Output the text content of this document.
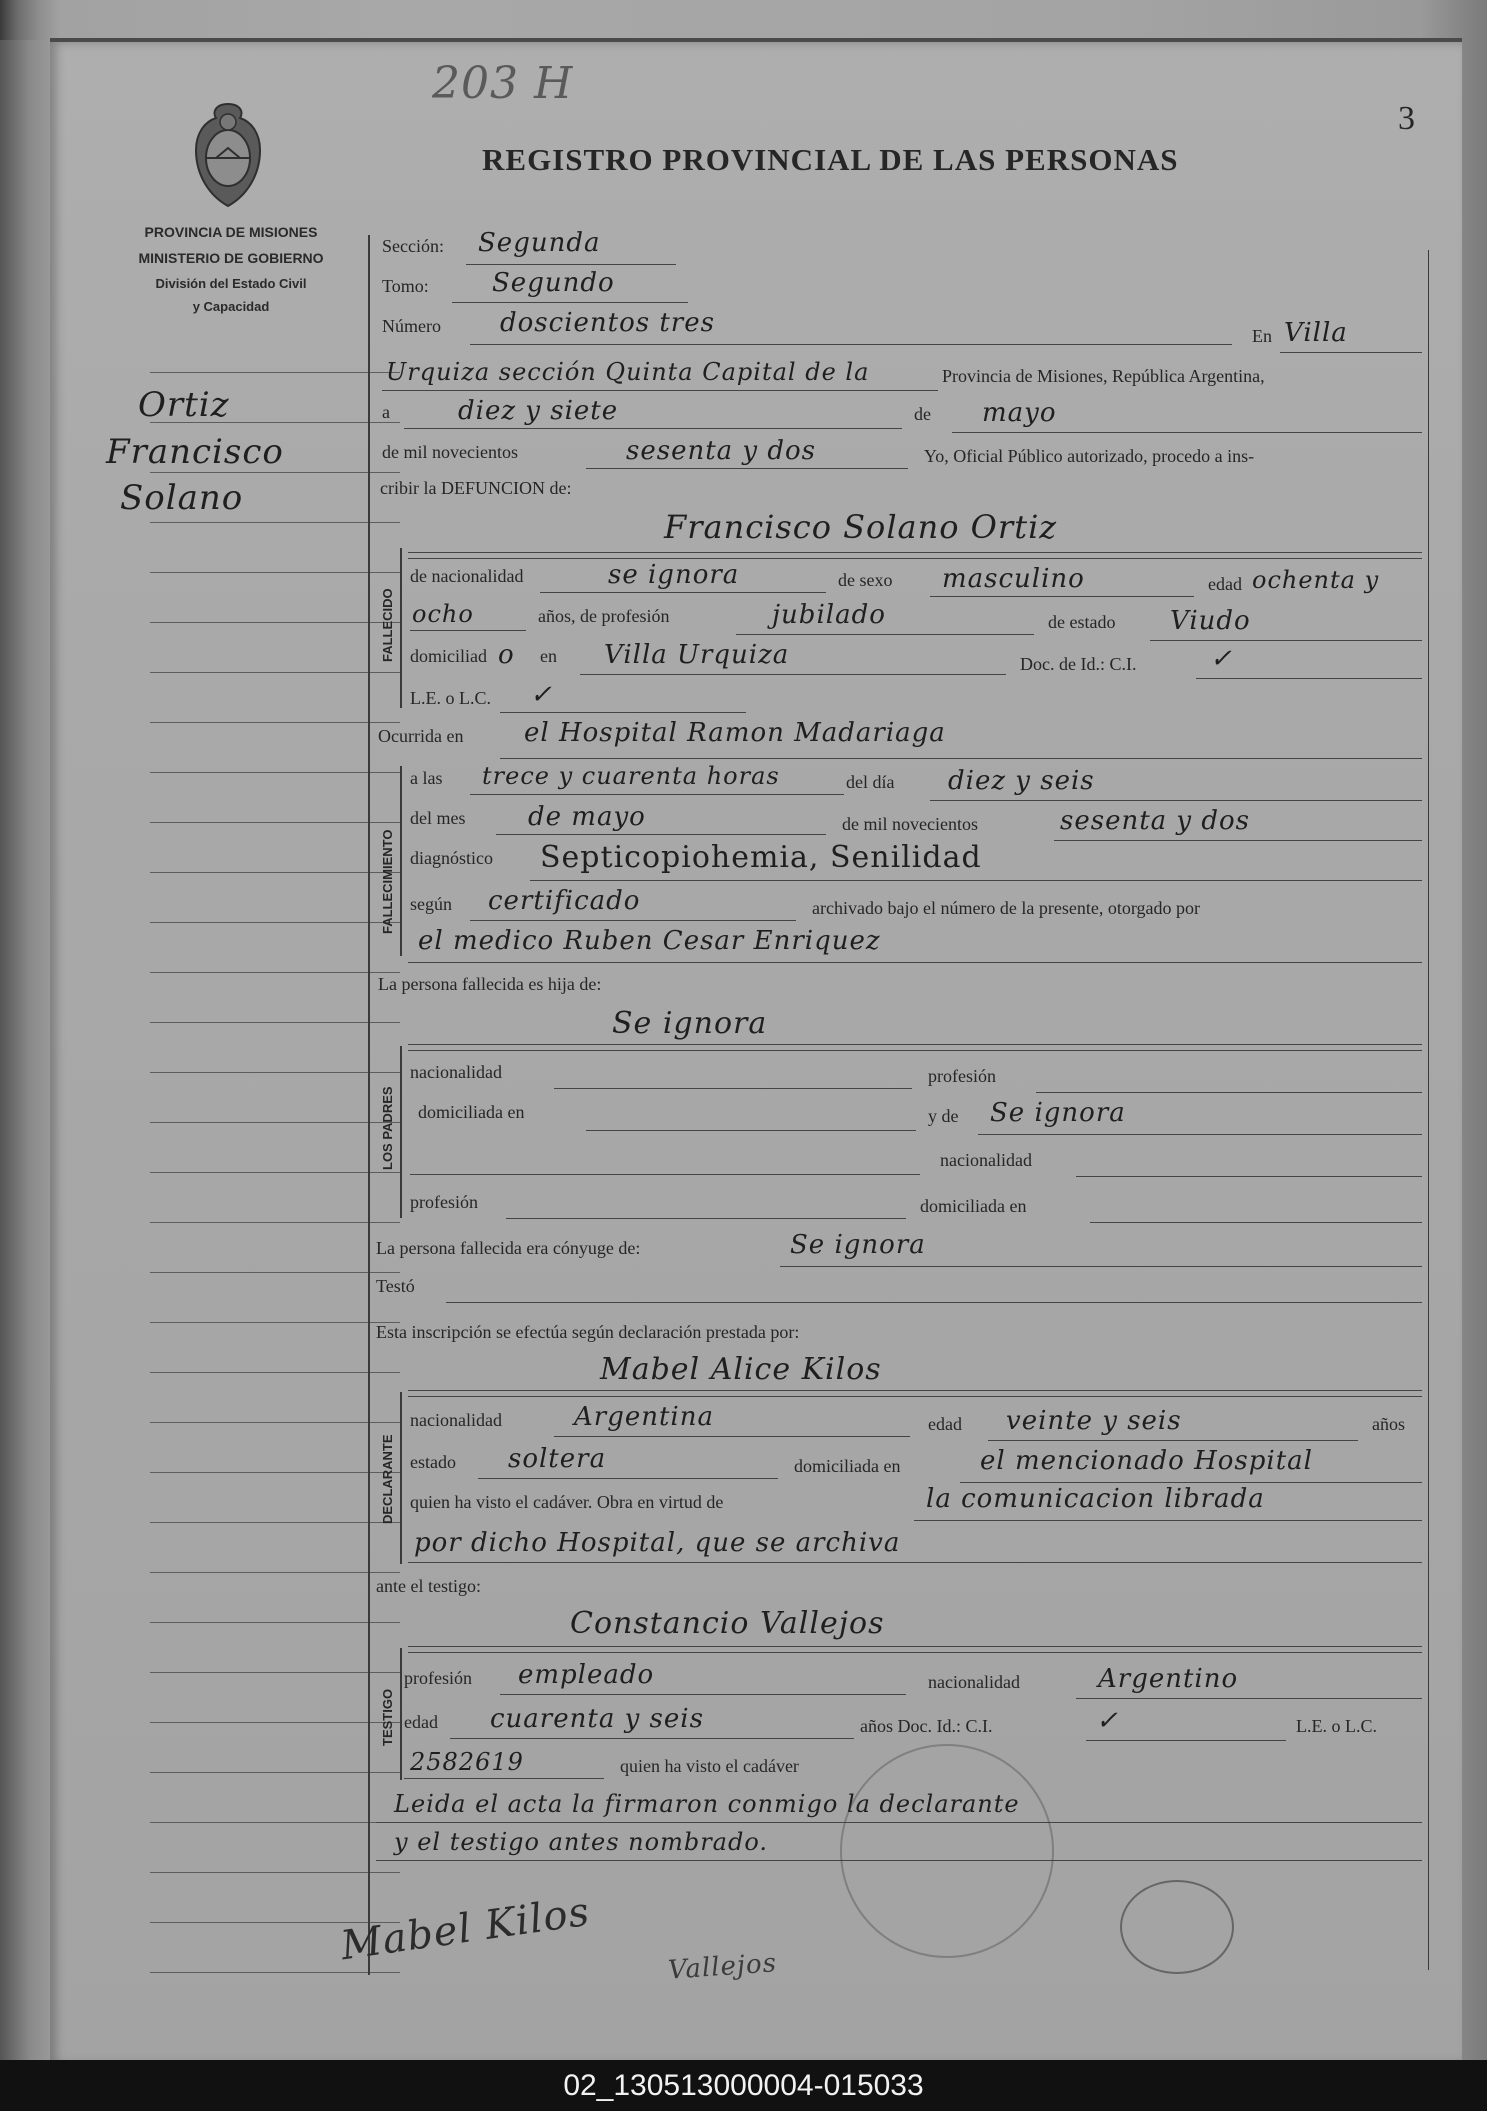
203 H
3
PROVINCIA DE MISIONES
MINISTERIO DE GOBIERNO
División del Estado Civil
y Capacidad
REGISTRO PROVINCIAL DE LAS PERSONAS
Ortiz
Francisco
Solano
Sección: Segunda
Tomo: Segundo
Número doscientos tres	En Villa
Urquiza sección Quinta Capital de la	Provincia de Misiones, República Argentina,
a	diez y siete	de mayo
de mil novecientos	sesenta y dos	Yo, Oficial Público autorizado, procedo a ins-
cribir la DEFUNCION de:
Francisco Solano Ortiz
FALLECIDO
de nacionalidad	se ignora	de sexo masculino	edad ochenta y
ocho	años, de profesión	jubilado	de estado Viudo
domiciliad o en Villa Urquiza	Doc. de Id.: C.I.	✓
L.E. o L.C. ✓
Ocurrida en el Hospital Ramon Madariaga
FALLECIMIENTO
a las trece y cuarenta horas	del día diez y seis
del mes de mayo	de mil novecientos	sesenta y dos
diagnóstico Septicopiohemia, Senilidad
según certificado	archivado bajo el número de la presente, otorgado por
el medico Ruben Cesar Enriquez
La persona fallecida es hija de:
Se ignora
LOS PADRES
nacionalidad	profesión
domiciliada en	y de Se ignora
nacionalidad
profesión	domiciliada en
La persona fallecida era cónyuge de:	Se ignora
Testó
Esta inscripción se efectúa según declaración prestada por:
Mabel Alice Kilos
DECLARANTE
nacionalidad	Argentina	edad veinte y seis	años
estado soltera	domiciliada en	el mencionado Hospital
quien ha visto el cadáver. Obra en virtud de	la comunicacion librada
por dicho Hospital, que se archiva
ante el testigo:
Constancio Vallejos
TESTIGO
profesión empleado	nacionalidad	Argentino
edad cuarenta y seis	años Doc. Id.: C.I.	✓	L.E. o L.C.
2582619	quien ha visto el cadáver
Leida el acta la firmaron conmigo la declarante
y el testigo antes nombrado.
Mabel Kilos	Vallejos
02_130513000004-015033
